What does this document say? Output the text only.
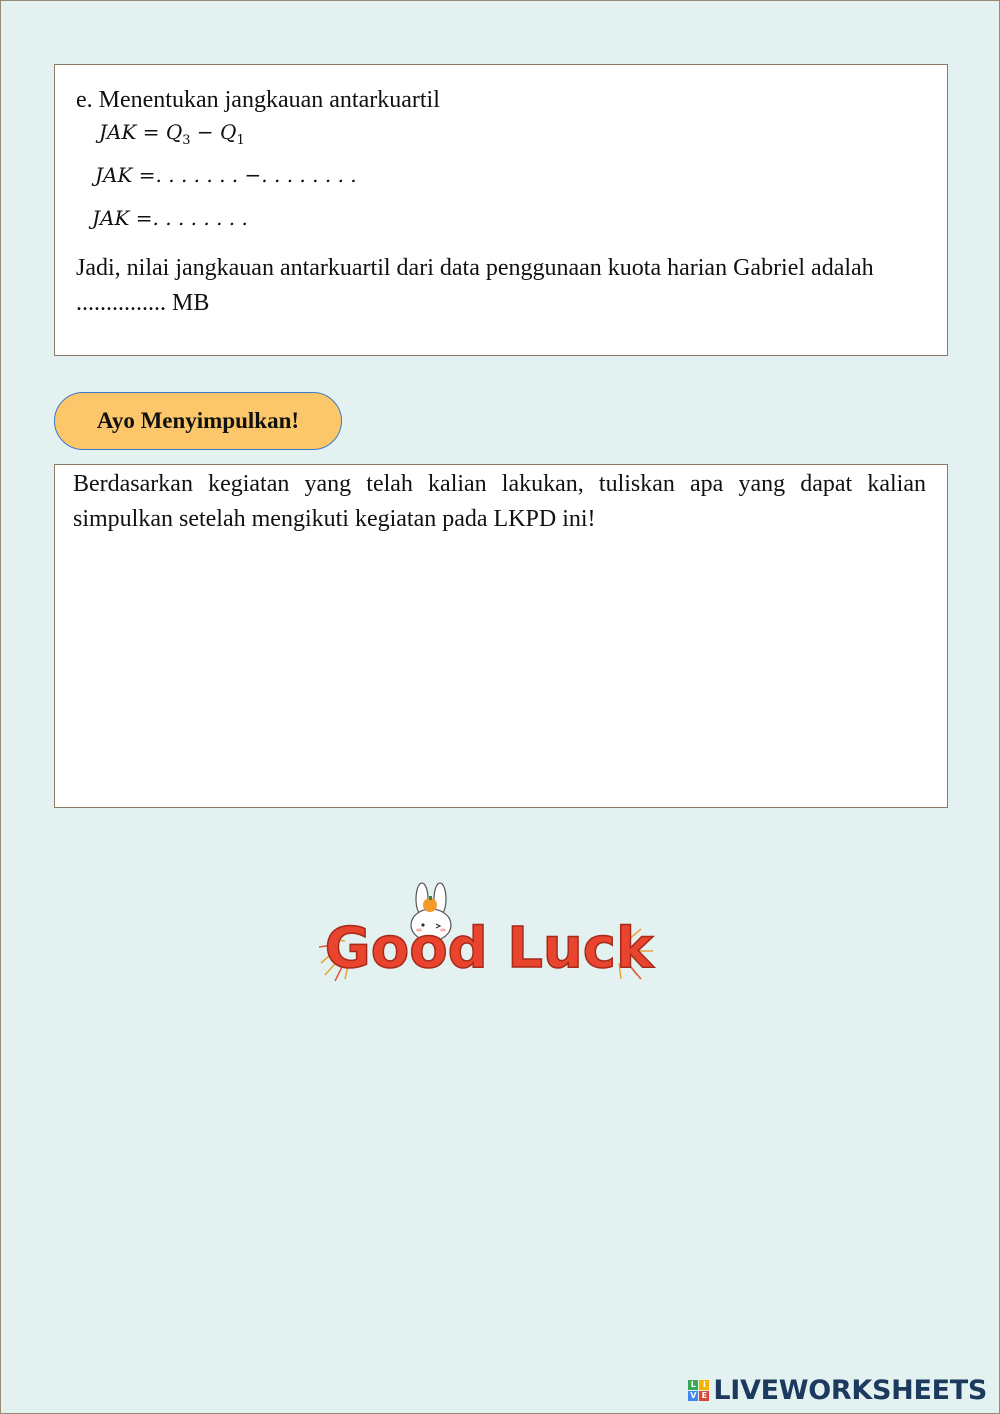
e. Menentukan jangkauan antarkuartil
JAK = $Q_3 - Q_1$
JAK =. . . . . . . −. . . . . . . .
JAK =. . . . . . . .
Jadi, nilai jangkauan antarkuartil dari data penggunaan kuota harian Gabriel adalah ............... MB
Ayo Menyimpulkan!
Berdasarkan kegiatan yang telah kalian lakukan, tuliskan apa yang dapat kalian simpulkan setelah mengikuti kegiatan pada LKPD ini!
Good Luck
L I
V E LIVEWORKSHEETS
